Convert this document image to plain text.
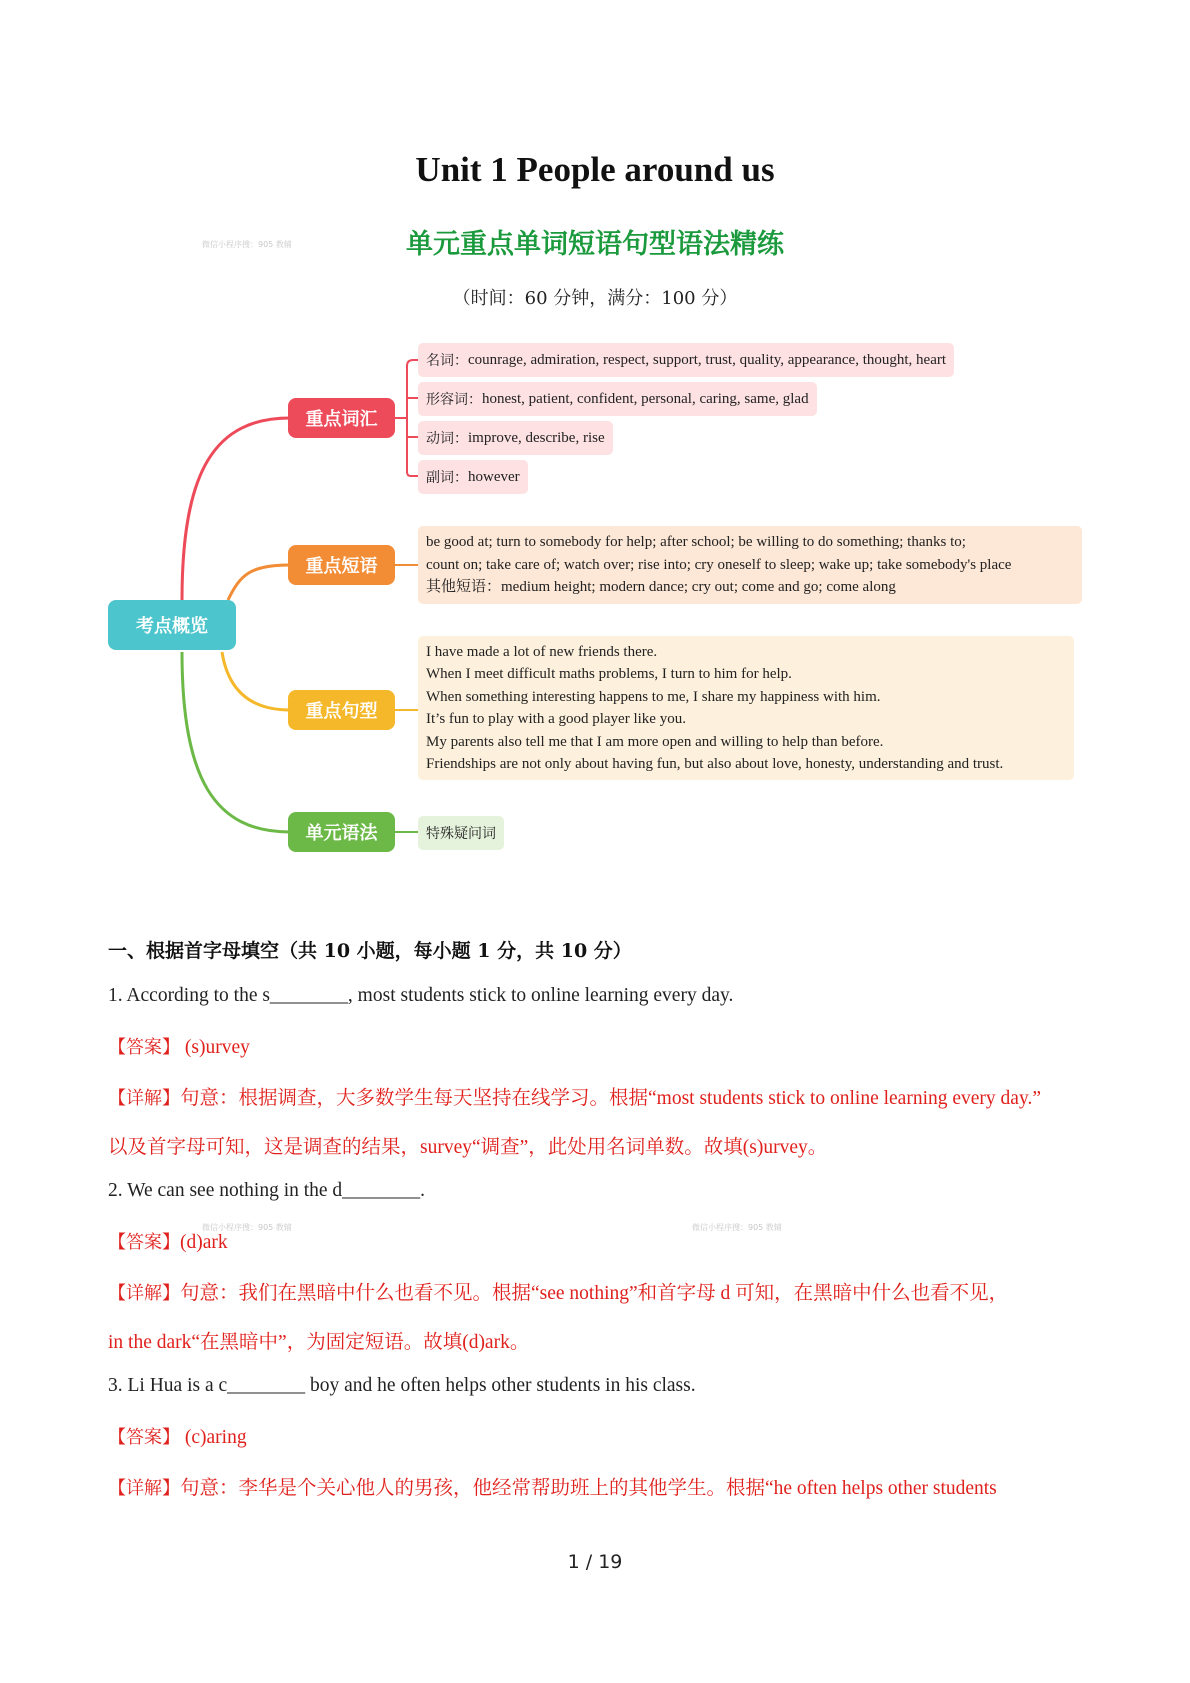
Unit 1 People around us
单元重点单词短语句型语法精练
（时间：60 分钟，满分：100 分）
微信小程序搜：905 教辅
微信小程序搜：905 教辅	微信小程序搜：905 教辅
考点概览
重点词汇
重点短语
重点句型
单元语法
名词： counrage, admiration, respect, support, trust, quality, appearance, thought, heart
形容词： honest, patient, confident, personal, caring, same, glad
动词： improve, describe, rise
副词： however
be good at; turn to somebody for help; after school; be willing to do something; thanks to;
count on; take care of; watch over; rise into; cry oneself to sleep; wake up; take somebody's place
其他短语：medium height; modern dance; cry out; come and go; come along
I have made a lot of new friends there.
When I meet difficult maths problems, I turn to him for help.
When something interesting happens to me, I share my happiness with him.
It’s fun to play with a good player like you.
My parents also tell me that I am more open and willing to help than before.
Friendships are not only about having fun, but also about love, honesty, understanding and trust.
特殊疑问词
一、根据首字母填空（共 10 小题，每小题 1 分，共 10 分）
1. According to the s________, most students stick to online learning every day.
【答案】 (s)urvey
【详解】句意：根据调查，大多数学生每天坚持在线学习。根据“most students stick to online learning every day.”
以及首字母可知，这是调查的结果，survey“调查”，此处用名词单数。故填(s)urvey。
2. We can see nothing in the d________.
【答案】(d)ark
【详解】句意：我们在黑暗中什么也看不见。根据“see nothing”和首字母 d 可知，在黑暗中什么也看不见，
in the dark“在黑暗中”，为固定短语。故填(d)ark。
3. Li Hua is a c________ boy and he often helps other students in his class.
【答案】 (c)aring
【详解】句意：李华是个关心他人的男孩，他经常帮助班上的其他学生。根据“he often helps other students
1 / 19
